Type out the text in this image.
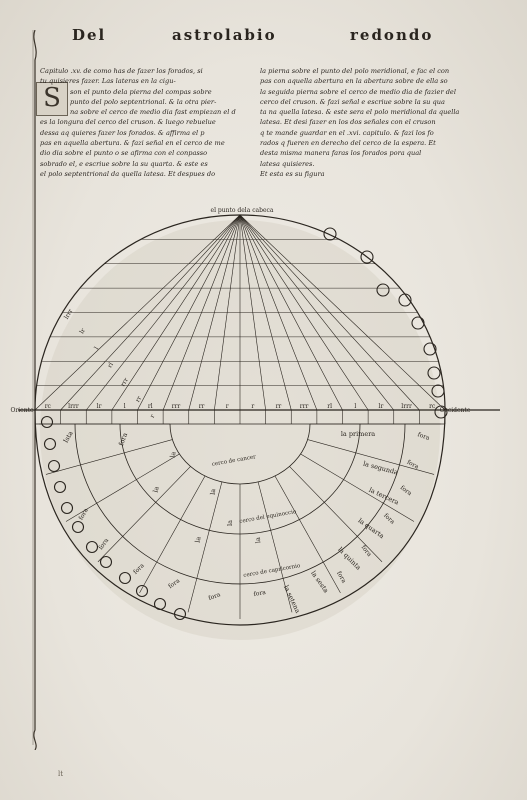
Del	astrolabio	redondo
S
Capitulo .xv. de como has de fazer los forados, si
tu quisieres fazer. Las lateras en la cigu-
son el punto dela pierna del compas sobre
punto del polo septentrional. & la otra pier-
na sobre el cerco de medio dia fast empiezan el d
es la longura del cerco del cruson. & luego rebuelue
dessa aq quieres fazer los forados. & affirma el p
pas en aquella abertura. & fazi señal en el cerco de me
dio dia sobre el punto o se afirma con el conpasso
sobrado el, e escriue sobre la su quarta. & este es
el polo septentrional da quella latesa. Et despues do
la pierna sobre el punto del polo meridional, e fac el con
pas con aquella abertura en la abertura sobre de ella so
la seguida pierna sobre el cerco de medio dia de fazier del
cerco del cruson. & fazi señal e escriue sobre la su qua
ta na quella latesa. & este sera el polo meridional da quella
latesa. Et desi fazer en los dos señales con el cruson
q te mande guardar en el .xvi. capitulo. & fazi los fo
rados q fueren en derecho del cerco de la espera. Et
desta misma manera faras los forados pora qual
latesa quisieres.
Et esta es su figura
el punto dela cabeca
Oriente	Occidente
rc	lrrr	lr	l	rl	rrr	rr	r	r	rr	rrr	rl	l	lr	lrrr	rc
lrrr
lr
l
rl
rrr
rr
r
la primera
la segunda
la tercera
la quarta
la quinta
la sesta
la setena
Ista	fora
la
la	la
la
la	la
fora
fora
fora
fora
fora
fora
fora
fora
fora
fora
fora	fora
cerco de cancer
cerco del equinoccio
cerco de capricornio
lt
